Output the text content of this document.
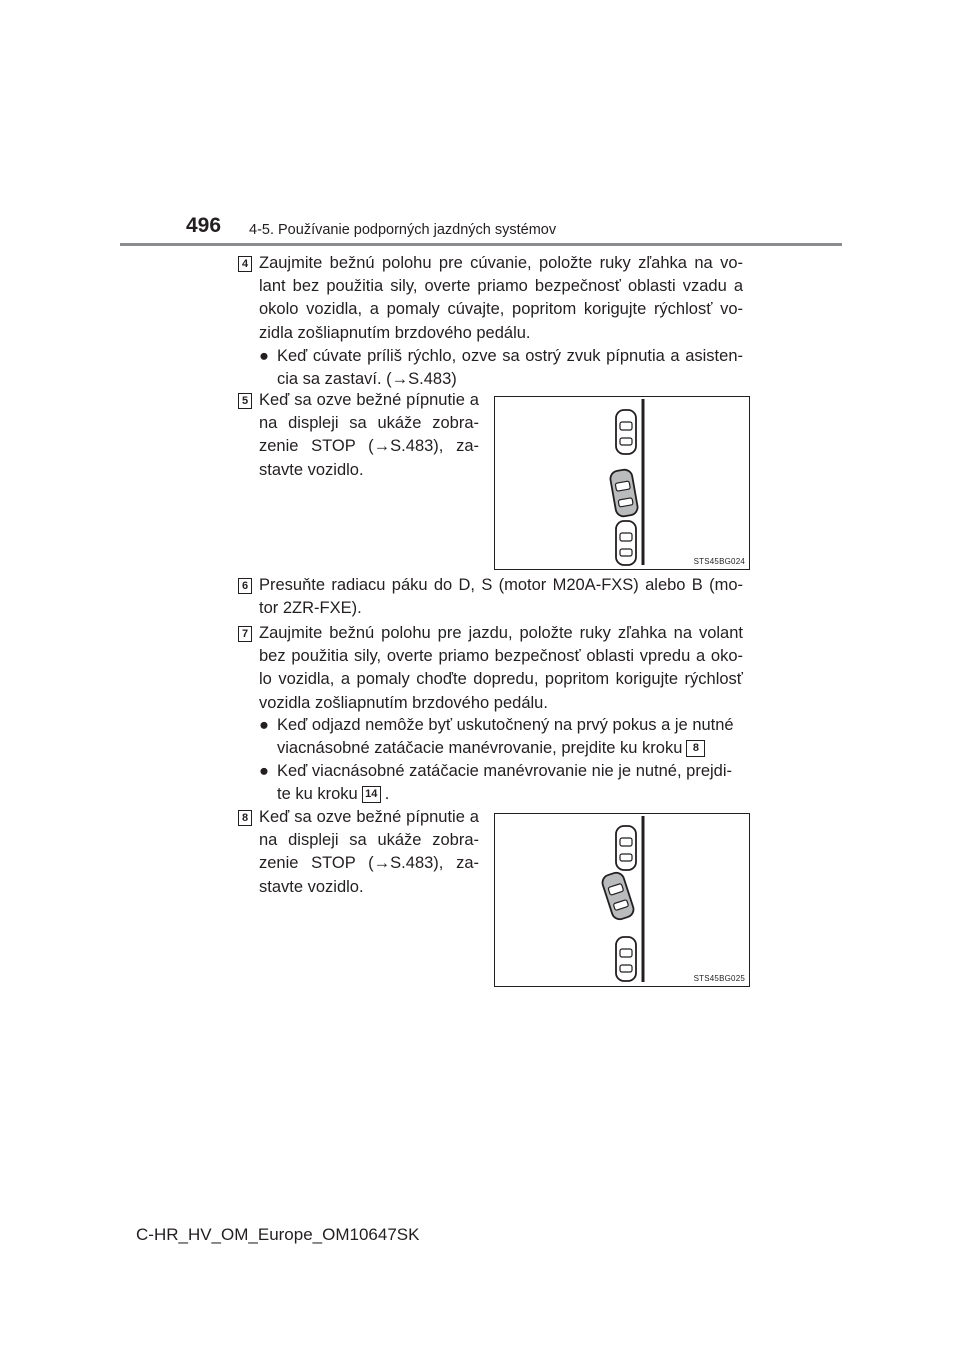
496 4-5. Používanie podporných jazdných systémov
4 Zaujmite bežnú polohu pre cúvanie, položte ruky zľahka na vo-lant bez použitia sily, overte priamo bezpečnosť oblasti vzadu a okolo vozidla, a pomaly cúvajte, popritom korigujte rýchlosť vo-zidla zošliapnutím brzdového pedálu.
● Keď cúvate príliš rýchlo, ozve sa ostrý zvuk pípnutia a asisten-cia sa zastaví. (→S.483)
5 Keď sa ozve bežné pípnutie a na displeji sa ukáže zobra-zenie STOP (→S.483), za-stavte vozidlo.
STS45BG024
6 Presuňte radiacu páku do D, S (motor M20A-FXS) alebo B (mo-tor 2ZR-FXE).
7 Zaujmite bežnú polohu pre jazdu, položte ruky zľahka na volant bez použitia sily, overte priamo bezpečnosť oblasti vpredu a oko-lo vozidla, a pomaly choďte dopredu, popritom korigujte rýchlosť vozidla zošliapnutím brzdového pedálu.
● Keď odjazd nemôže byť uskutočnený na prvý pokus a je nutné viacnásobné zatáčacie manévrovanie, prejdite ku kroku 8
● Keď viacnásobné zatáčacie manévrovanie nie je nutné, prejdi-te ku kroku 14 .
8 Keď sa ozve bežné pípnutie a na displeji sa ukáže zobra-zenie STOP (→S.483), za-stavte vozidlo.
STS45BG025
C-HR_HV_OM_Europe_OM10647SK
